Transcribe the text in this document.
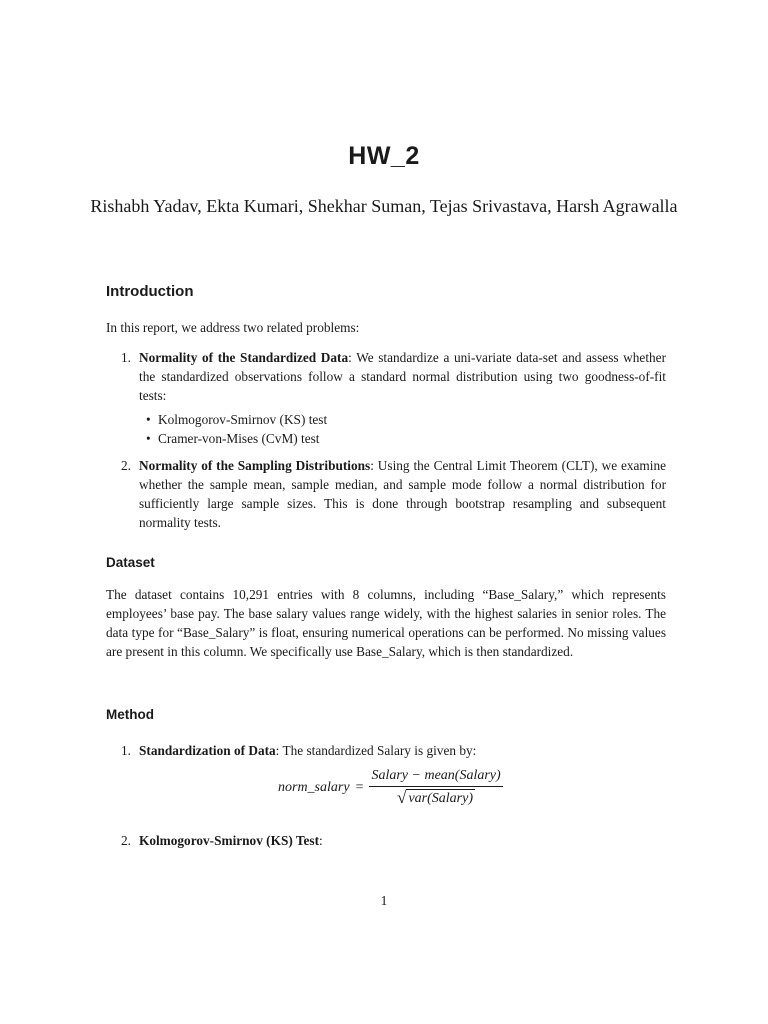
HW_2
Rishabh Yadav, Ekta Kumari, Shekhar Suman, Tejas Srivastava, Harsh Agrawalla
Introduction
In this report, we address two related problems:
1. Normality of the Standardized Data: We standardize a uni-variate data-set and assess whether the standardized observations follow a standard normal distribution using two goodness-of-fit tests:
• Kolmogorov-Smirnov (KS) test
• Cramer-von-Mises (CvM) test
2. Normality of the Sampling Distributions: Using the Central Limit Theorem (CLT), we examine whether the sample mean, sample median, and sample mode follow a normal distribution for sufficiently large sample sizes. This is done through bootstrap resampling and subsequent normality tests.
Dataset
The dataset contains 10,291 entries with 8 columns, including “Base_Salary,” which represents employees’ base pay. The base salary values range widely, with the highest salaries in senior roles. The data type for “Base_Salary” is float, ensuring numerical operations can be performed. No missing values are present in this column. We specifically use Base_Salary, which is then standardized.
Method
1. Standardization of Data: The standardized Salary is given by:
norm_salary = $\frac{\text{Salary − mean(Salary)}}{\text{√ var(Salary)}}$
2. Kolmogorov-Smirnov (KS) Test:
1
